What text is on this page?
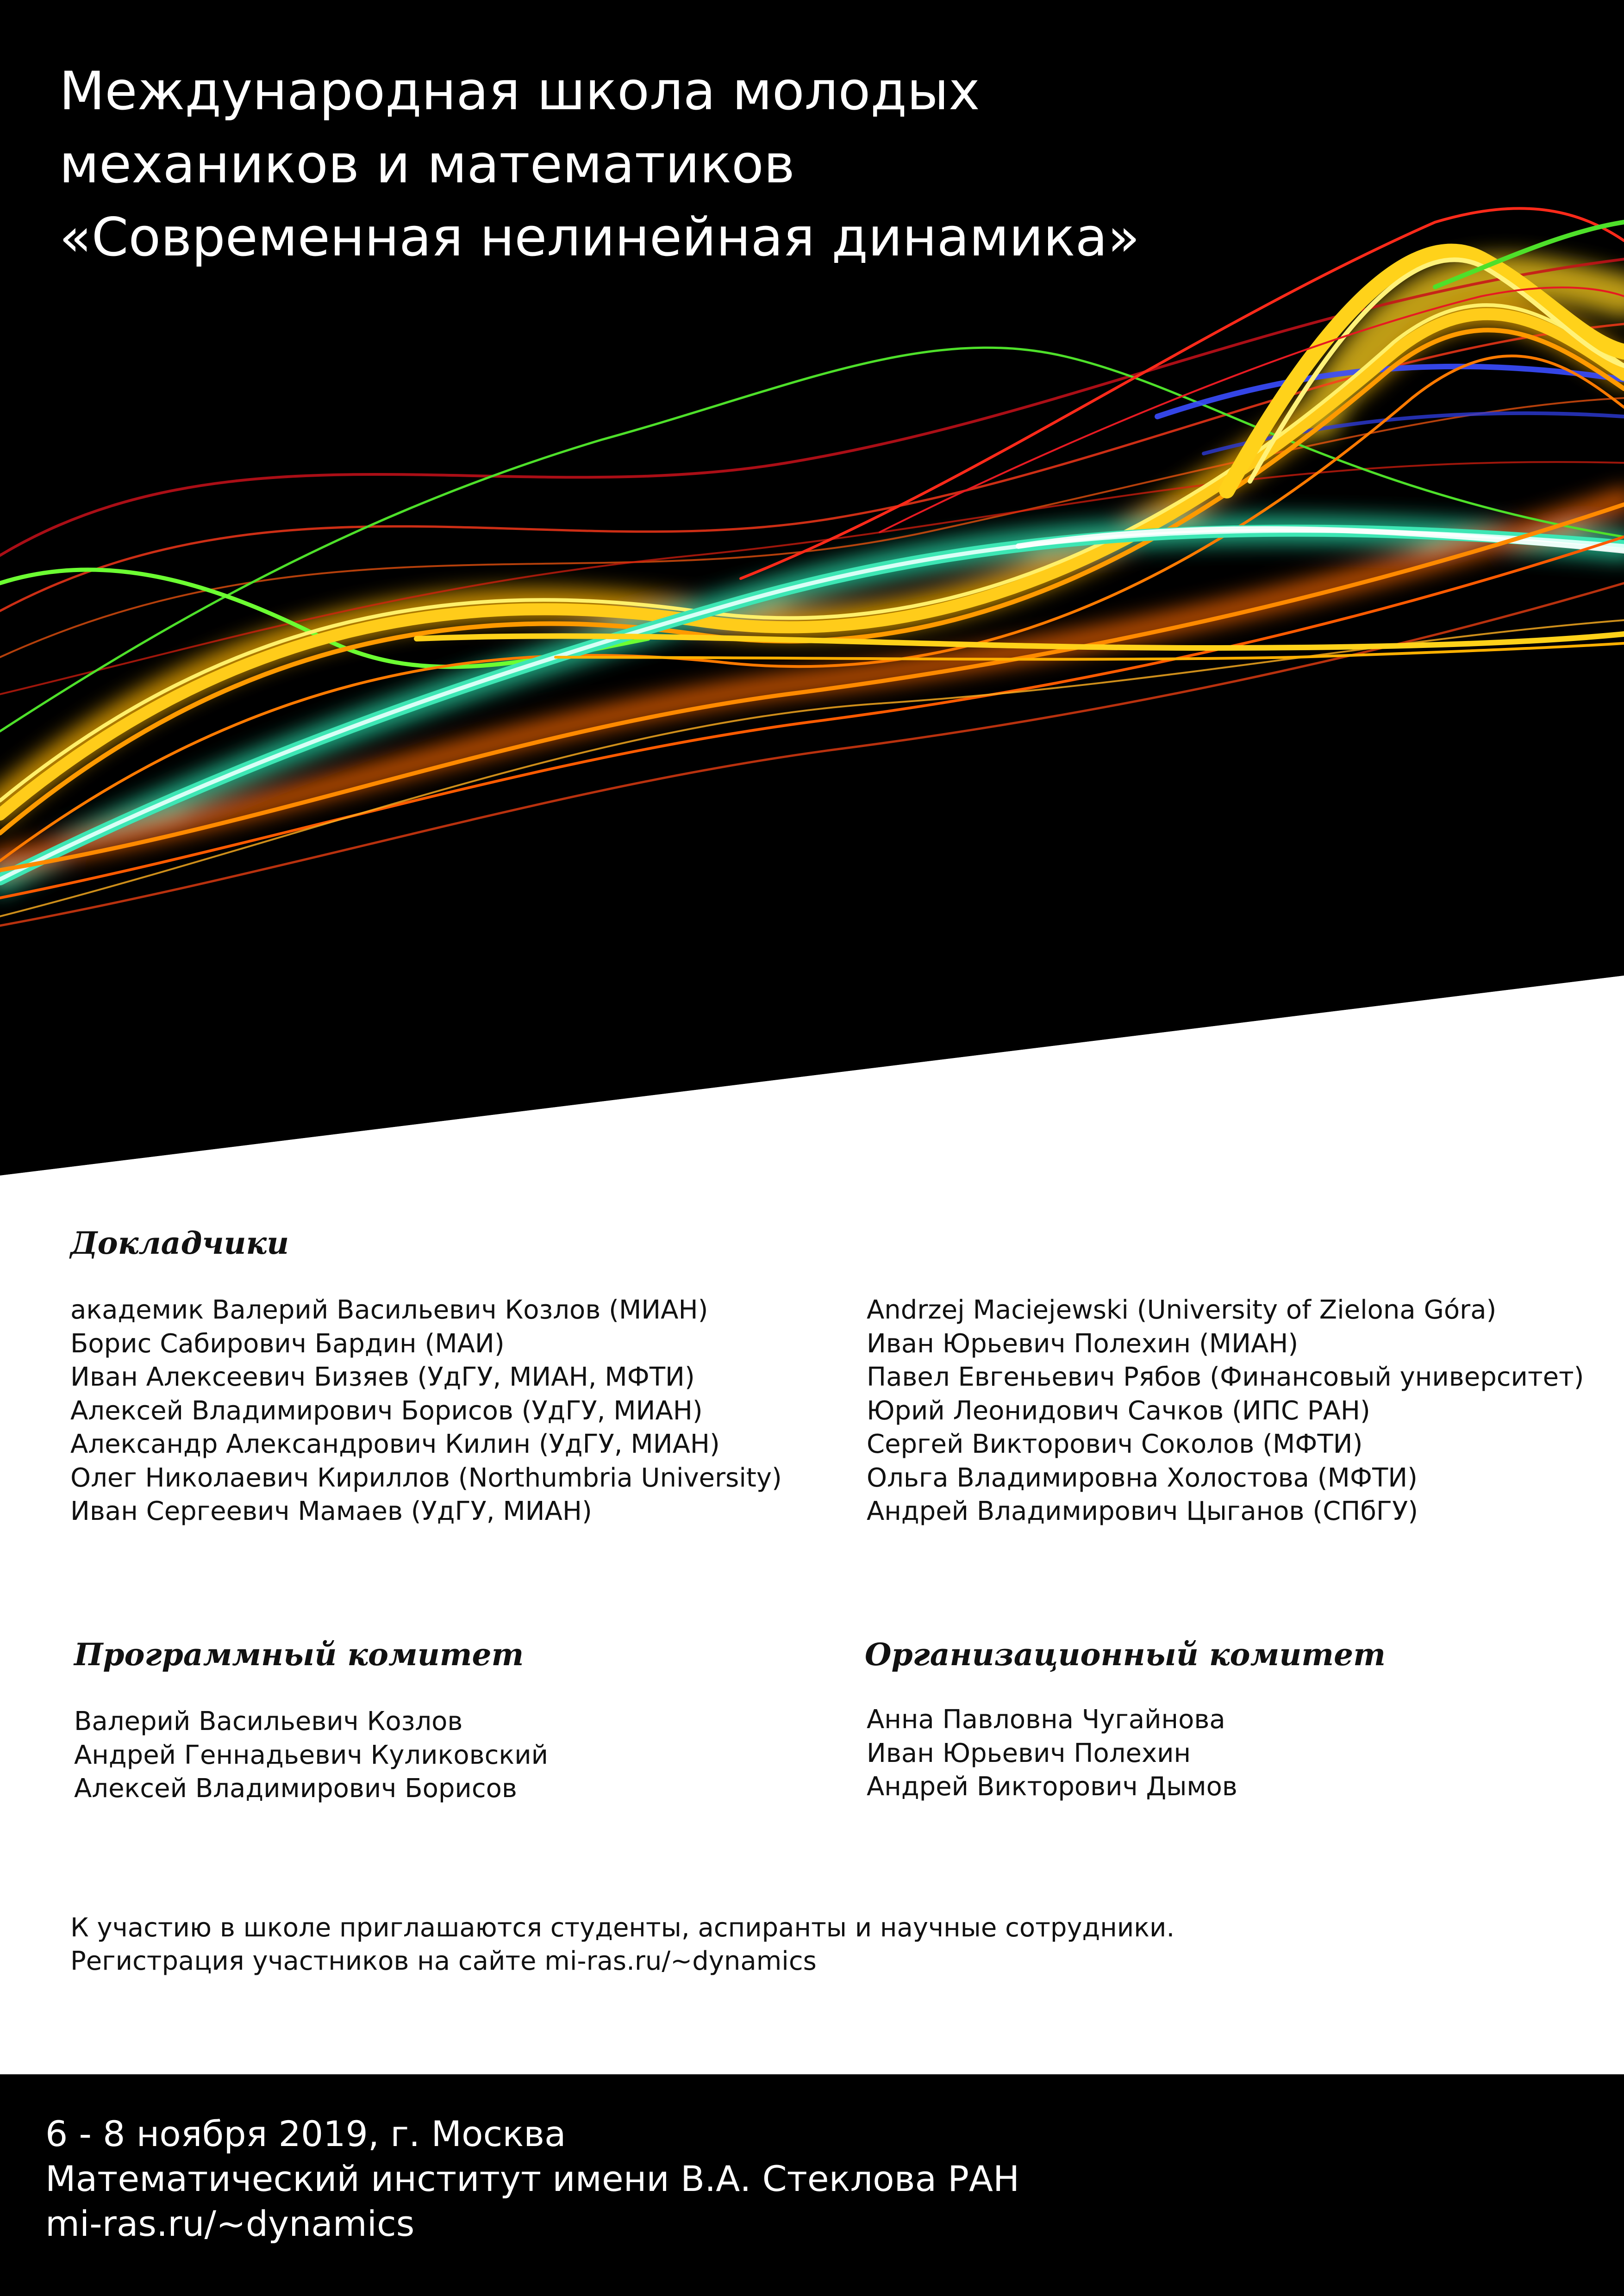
Международная школа молодых
механиков и математиков
«Современная нелинейная динамика»
Докладчики
академик Валерий Васильевич Козлов (МИАН)
Борис Сабирович Бардин (МАИ)
Иван Алексеевич Бизяев (УдГУ, МИАН, МФТИ)
Алексей Владимирович Борисов (УдГУ, МИАН)
Александр Александрович Килин (УдГУ, МИАН)
Олег Николаевич Кириллов (Northumbria University)
Иван Сергеевич Мамаев (УдГУ, МИАН)
Andrzej Maciejewski (University of Zielona Góra)
Иван Юрьевич Полехин (МИАН)
Павел Евгеньевич Рябов (Финансовый университет)
Юрий Леонидович Сачков (ИПС РАН)
Сергей Викторович Соколов (МФТИ)
Ольга Владимировна Холостова (МФТИ)
Андрей Владимирович Цыганов (СПбГУ)
Программный комитет
Валерий Васильевич Козлов
Андрей Геннадьевич Куликовский
Алексей Владимирович Борисов
Организационный комитет
Анна Павловна Чугайнова
Иван Юрьевич Полехин
Андрей Викторович Дымов
К участию в школе приглашаются студенты, аспиранты и научные сотрудники.
Регистрация участников на сайте mi-ras.ru/~dynamics
6 - 8 ноября 2019, г. Москва
Математический институт имени В.А. Стеклова РАН
mi-ras.ru/~dynamics
